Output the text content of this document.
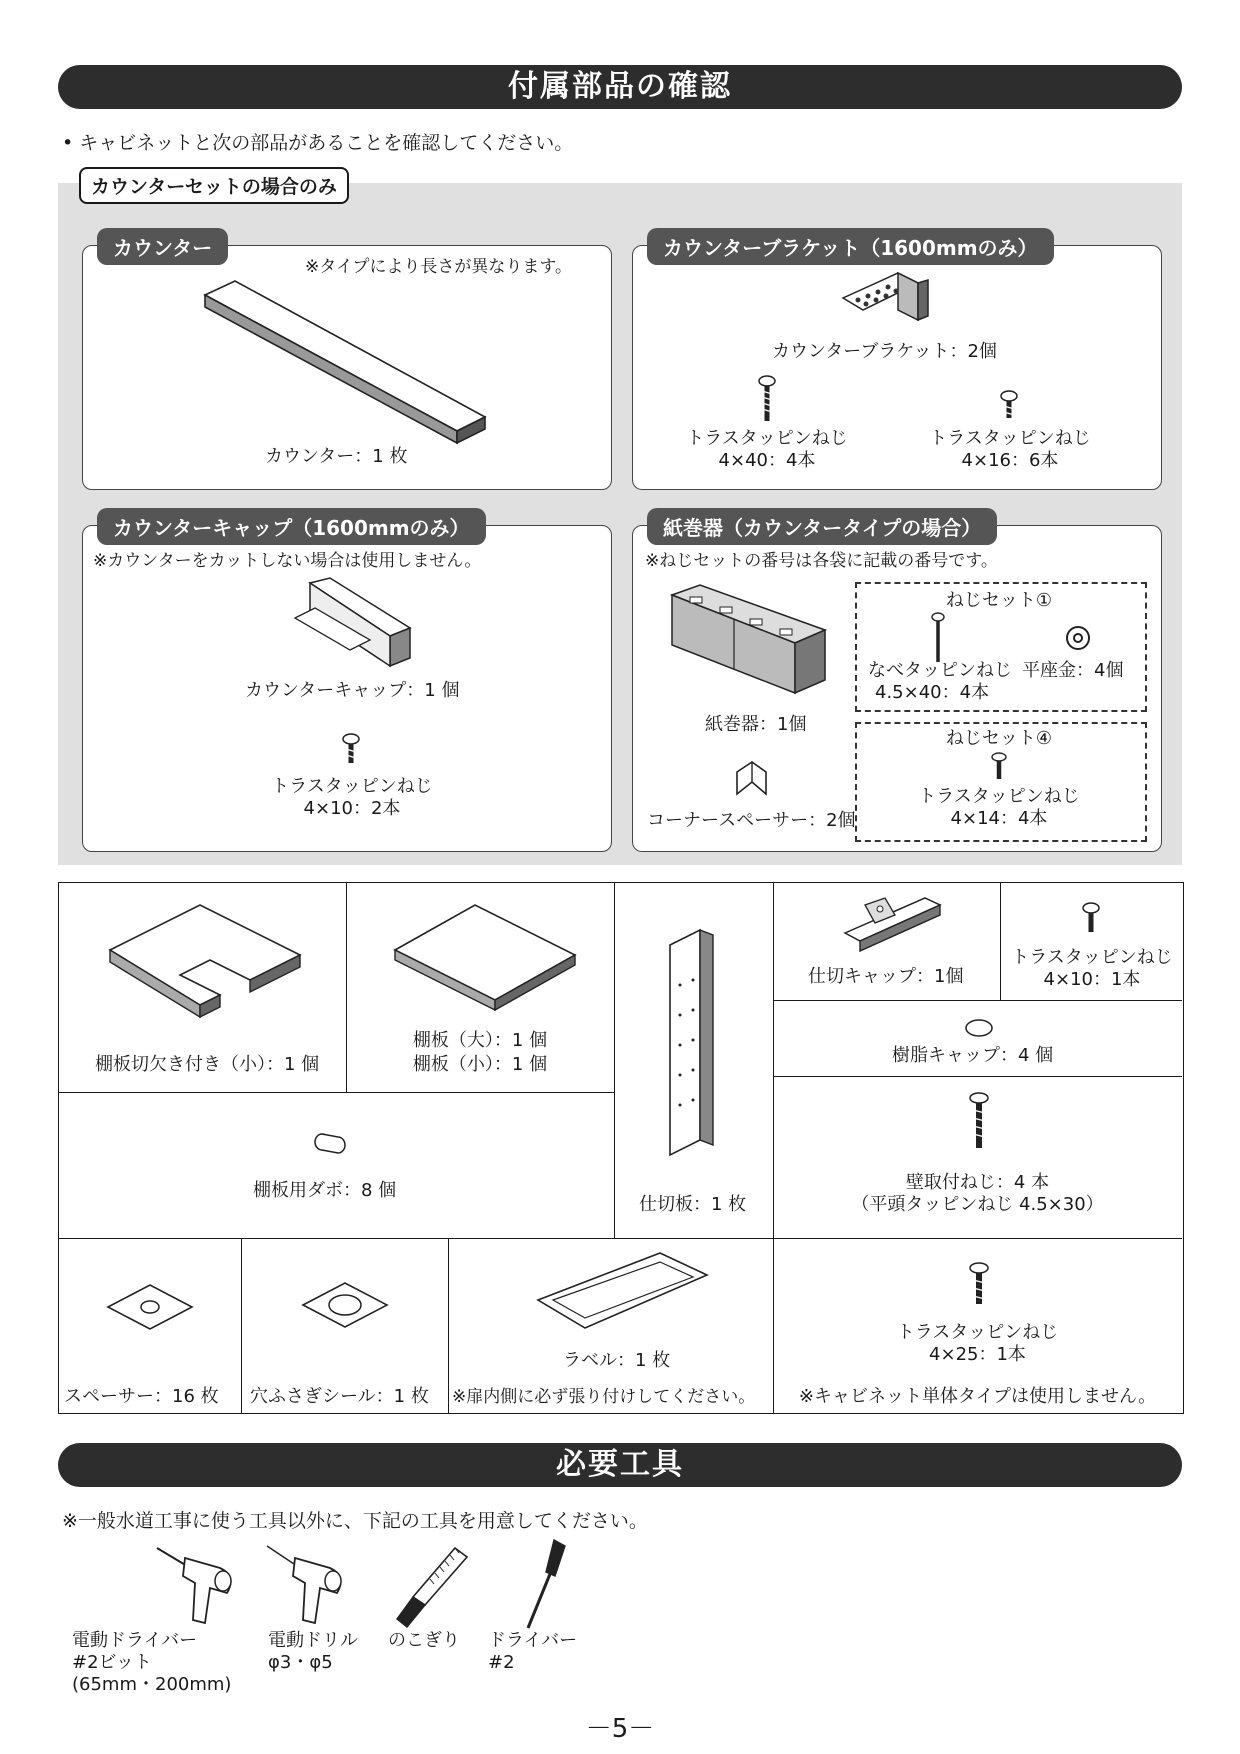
付属部品の確認
• キャビネットと次の部品があることを確認してください。
カウンターセットの場合のみ
カウンター
※タイプにより長さが異なります。
カウンター：1 枚
カウンターブラケット（1600mmのみ）
カウンターブラケット：2個
トラスタッピンねじ
4×40：4本
トラスタッピンねじ
4×16：6本
カウンターキャップ（1600mmのみ）
※カウンターをカットしない場合は使用しません。
カウンターキャップ：1 個
トラスタッピンねじ
4×10：2本
紙巻器（カウンタータイプの場合）
※ねじセットの番号は各袋に記載の番号です。
紙巻器：1個
コーナースペーサー：2個
ねじセット①
なべタッピンねじ
4.5×40：4本
平座金：4個
ねじセット④
トラスタッピンねじ
4×14：4本
棚板切欠き付き（小）：1 個
棚板（大）：1 個
棚板（小）：1 個
仕切板：1 枚
仕切キャップ：1個
トラスタッピンねじ
4×10：1本
樹脂キャップ：4 個
棚板用ダボ：8 個	壁取付ねじ：4 本
（平頭タッピンねじ 4.5×30）
スペーサー：16 枚 穴ふさぎシール：1 枚
ラベル：1 枚
※扉内側に必ず張り付けしてください。
トラスタッピンねじ
4×25：1本
※キャビネット単体タイプは使用しません。
必要工具
※一般水道工事に使う工具以外に、下記の工具を用意してください。
電動ドライバー
#2ビット
(65mm・200mm)
電動ドリル
φ3・φ5
のこぎり ドライバー
#2
－5－
